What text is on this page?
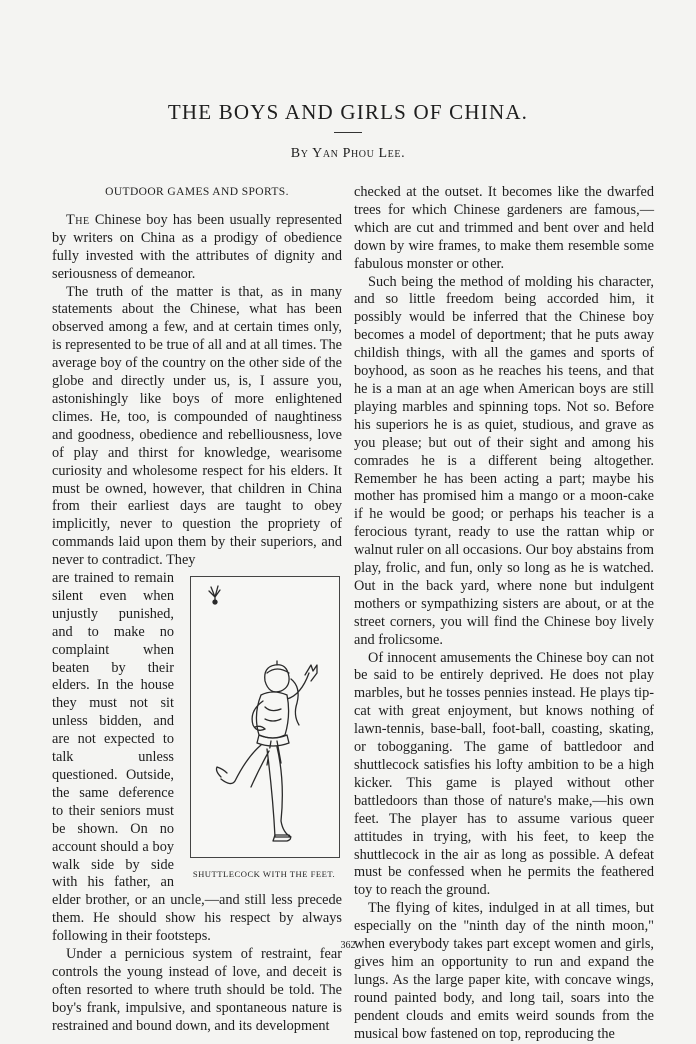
THE BOYS AND GIRLS OF CHINA.
By Yan Phou Lee.
OUTDOOR GAMES AND SPORTS.

The Chinese boy has been usually represented by writers on China as a prodigy of obedience fully invested with the attributes of dignity and seriousness of demeanor.

The truth of the matter is that, as in many statements about the Chinese, what has been observed among a few, and at certain times only, is represented to be true of all and at all times. The average boy of the country on the other side of the globe and directly under us, is, I assure you, astonishingly like boys of more enlightened climes. He, too, is compounded of naughtiness and goodness, obedience and rebelliousness, love of play and thirst for knowledge, wearisome curiosity and wholesome respect for his elders. It must be owned, however, that children in China from their earliest days are taught to obey implicitly, never to question the propriety of commands laid upon them by their superiors, and never to contradict. They

SHUTTLECOCK WITH THE FEET.

are trained to remain silent even when unjustly punished, and to make no complaint when beaten by their elders. In the house they must not sit unless bidden, and are not expected to talk unless questioned. Outside, the same deference to their seniors must be shown. On no account should a boy walk side by side with his father, an elder brother, or an uncle,—and still less precede them. He should show his respect by always following in their footsteps.

Under a pernicious system of restraint, fear controls the young instead of love, and deceit is often resorted to where truth should be told. The boy's frank, impulsive, and spontaneous nature is restrained and bound down, and its development

checked at the outset. It becomes like the dwarfed trees for which Chinese gardeners are famous,—which are cut and trimmed and bent over and held down by wire frames, to make them resemble some fabulous monster or other.

Such being the method of molding his character, and so little freedom being accorded him, it possibly would be inferred that the Chinese boy becomes a model of deportment; that he puts away childish things, with all the games and sports of boyhood, as soon as he reaches his teens, and that he is a man at an age when American boys are still playing marbles and spinning tops. Not so. Before his superiors he is as quiet, studious, and grave as you please; but out of their sight and among his comrades he is a different being altogether. Remember he has been acting a part; maybe his mother has promised him a mango or a moon-cake if he would be good; or perhaps his teacher is a ferocious tyrant, ready to use the rattan whip or walnut ruler on all occasions. Our boy abstains from play, frolic, and fun, only so long as he is watched. Out in the back yard, where none but indulgent mothers or sympathizing sisters are about, or at the street corners, you will find the Chinese boy lively and frolicsome.

Of innocent amusements the Chinese boy can not be said to be entirely deprived. He does not play marbles, but he tosses pennies instead. He plays tip-cat with great enjoyment, but knows nothing of lawn-tennis, base-ball, foot-ball, coasting, skating, or tobogganing. The game of battledoor and shuttlecock satisfies his lofty ambition to be a high kicker. This game is played without other battledoors than those of nature's make,—his own feet. The player has to assume various queer attitudes in trying, with his feet, to keep the shuttlecock in the air as long as possible. A defeat must be confessed when he permits the feathered toy to reach the ground.

The flying of kites, indulged in at all times, but especially on the "ninth day of the ninth moon," when everybody takes part except women and girls, gives him an opportunity to run and expand the lungs. As the large paper kite, with concave wings, round painted body, and long tail, soars into the pendent clouds and emits weird sounds from the musical bow fastened on top, reproducing the

362
